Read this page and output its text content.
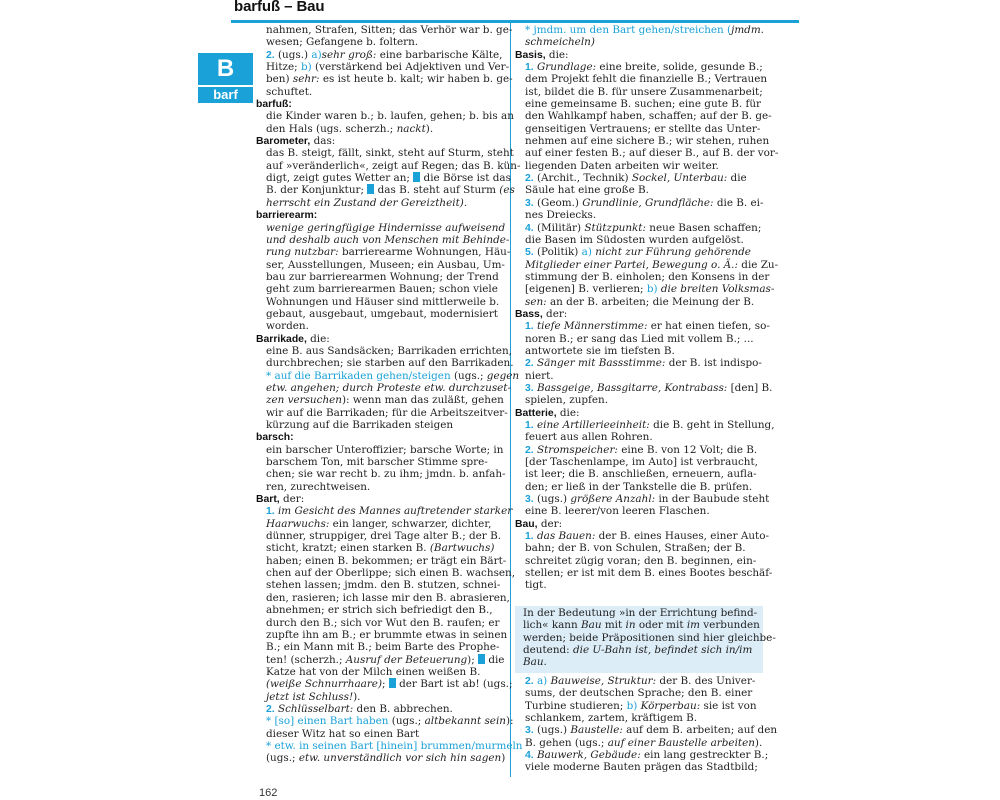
barfuß – Bau
B
barf
nahmen, Strafen, Sitten; das Verhör war b. ge-
wesen; Gefangene b. foltern.
2. (ugs.) a)sehr groß: eine barbarische Kälte,
Hitze; b) (verstärkend bei Adjektiven und Ver-
ben) sehr: es ist heute b. kalt; wir haben b. ge-
schuftet.
barfuß:
die Kinder waren b.; b. laufen, gehen; b. bis an
den Hals (ugs. scherzh.; nackt).
Barometer, das:
das B. steigt, fällt, sinkt, steht auf Sturm, steht
auf »veränderlich«, zeigt auf Regen; das B. kün-
digt, zeigt gutes Wetter an;  die Börse ist das
B. der Konjunktur;  das B. steht auf Sturm (es
herrscht ein Zustand der Gereiztheit).
barrierearm:
wenige geringfügige Hindernisse aufweisend
und deshalb auch von Menschen mit Behinde-
rung nutzbar: barrierearme Wohnungen, Häu-
ser, Ausstellungen, Museen; ein Ausbau, Um-
bau zur barrierearmen Wohnung; der Trend
geht zum barrierearmen Bauen; schon viele
Wohnungen und Häuser sind mittlerweile b.
gebaut, ausgebaut, umgebaut, modernisiert
worden.
Barrikade, die:
eine B. aus Sandsäcken; Barrikaden errichten,
durchbrechen; sie starben auf den Barrikaden.
* auf die Barrikaden gehen/steigen (ugs.; gegen
etw. angehen; durch Proteste etw. durchzuset-
zen versuchen): wenn man das zuläßt, gehen
wir auf die Barrikaden; für die Arbeitszeitver-
kürzung auf die Barrikaden steigen
barsch:
ein barscher Unteroffizier; barsche Worte; in
barschem Ton, mit barscher Stimme spre-
chen; sie war recht b. zu ihm; jmdn. b. anfah-
ren, zurechtweisen.
Bart, der:
1. im Gesicht des Mannes auftretender starker
Haarwuchs: ein langer, schwarzer, dichter,
dünner, struppiger, drei Tage alter B.; der B.
sticht, kratzt; einen starken B. (Bartwuchs)
haben; einen B. bekommen; er trägt ein Bärt-
chen auf der Oberlippe; sich einen B. wachsen,
stehen lassen; jmdm. den B. stutzen, schnei-
den, rasieren; ich lasse mir den B. abrasieren,
abnehmen; er strich sich befriedigt den B.,
durch den B.; sich vor Wut den B. raufen; er
zupfte ihn am B.; er brummte etwas in seinen
B.; ein Mann mit B.; beim Barte des Prophe-
ten! (scherzh.; Ausruf der Beteuerung);  die
Katze hat von der Milch einen weißen B.
(weiße Schnurrhaare);  der Bart ist ab! (ugs.;
jetzt ist Schluss!).
2. Schlüsselbart: den B. abbrechen.
* [so] einen Bart haben (ugs.; altbekannt sein):
dieser Witz hat so einen Bart
* etw. in seinen Bart [hinein] brummen/murmeln
(ugs.; etw. unverständlich vor sich hin sagen)
* jmdm. um den Bart gehen/streichen (jmdm.
schmeicheln)
Basis, die:
1. Grundlage: eine breite, solide, gesunde B.;
dem Projekt fehlt die finanzielle B.; Vertrauen
ist, bildet die B. für unsere Zusammenarbeit;
eine gemeinsame B. suchen; eine gute B. für
den Wahlkampf haben, schaffen; auf der B. ge-
genseitigen Vertrauens; er stellte das Unter-
nehmen auf eine sichere B.; wir stehen, ruhen
auf einer festen B.; auf dieser B., auf B. der vor-
liegenden Daten arbeiten wir weiter.
2. (Archit., Technik) Sockel, Unterbau: die
Säule hat eine große B.
3. (Geom.) Grundlinie, Grundfläche: die B. ei-
nes Dreiecks.
4. (Militär) Stützpunkt: neue Basen schaffen;
die Basen im Südosten wurden aufgelöst.
5. (Politik) a) nicht zur Führung gehörende
Mitglieder einer Partei, Bewegung o. Ä.: die Zu-
stimmung der B. einholen; den Konsens in der
[eigenen] B. verlieren; b) die breiten Volksmas-
sen: an der B. arbeiten; die Meinung der B.
Bass, der:
1. tiefe Männerstimme: er hat einen tiefen, so-
noren B.; er sang das Lied mit vollem B.; ...
antwortete sie im tiefsten B.
2. Sänger mit Bassstimme: der B. ist indispo-
niert.
3. Bassgeige, Bassgitarre, Kontrabass: [den] B.
spielen, zupfen.
Batterie, die:
1. eine Artillerieeinheit: die B. geht in Stellung,
feuert aus allen Rohren.
2. Stromspeicher: eine B. von 12 Volt; die B.
[der Taschenlampe, im Auto] ist verbraucht,
ist leer; die B. anschließen, erneuern, aufla-
den; er ließ in der Tankstelle die B. prüfen.
3. (ugs.) größere Anzahl: in der Baubude steht
eine B. leerer/von leeren Flaschen.
Bau, der:
1. das Bauen: der B. eines Hauses, einer Auto-
bahn; der B. von Schulen, Straßen; der B.
schreitet zügig voran; den B. beginnen, ein-
stellen; er ist mit dem B. eines Bootes beschäf-
tigt.
In der Bedeutung »in der Errichtung befind-
lich« kann Bau mit in oder mit im verbunden
werden; beide Präpositionen sind hier gleichbe-
deutend: die U-Bahn ist, befindet sich in/im
Bau.
2. a) Bauweise, Struktur: der B. des Univer-
sums, der deutschen Sprache; den B. einer
Turbine studieren; b) Körperbau: sie ist von
schlankem, zartem, kräftigem B.
3. (ugs.) Baustelle: auf dem B. arbeiten; auf den
B. gehen (ugs.; auf einer Baustelle arbeiten).
4. Bauwerk, Gebäude: ein lang gestreckter B.;
viele moderne Bauten prägen das Stadtbild;
162
